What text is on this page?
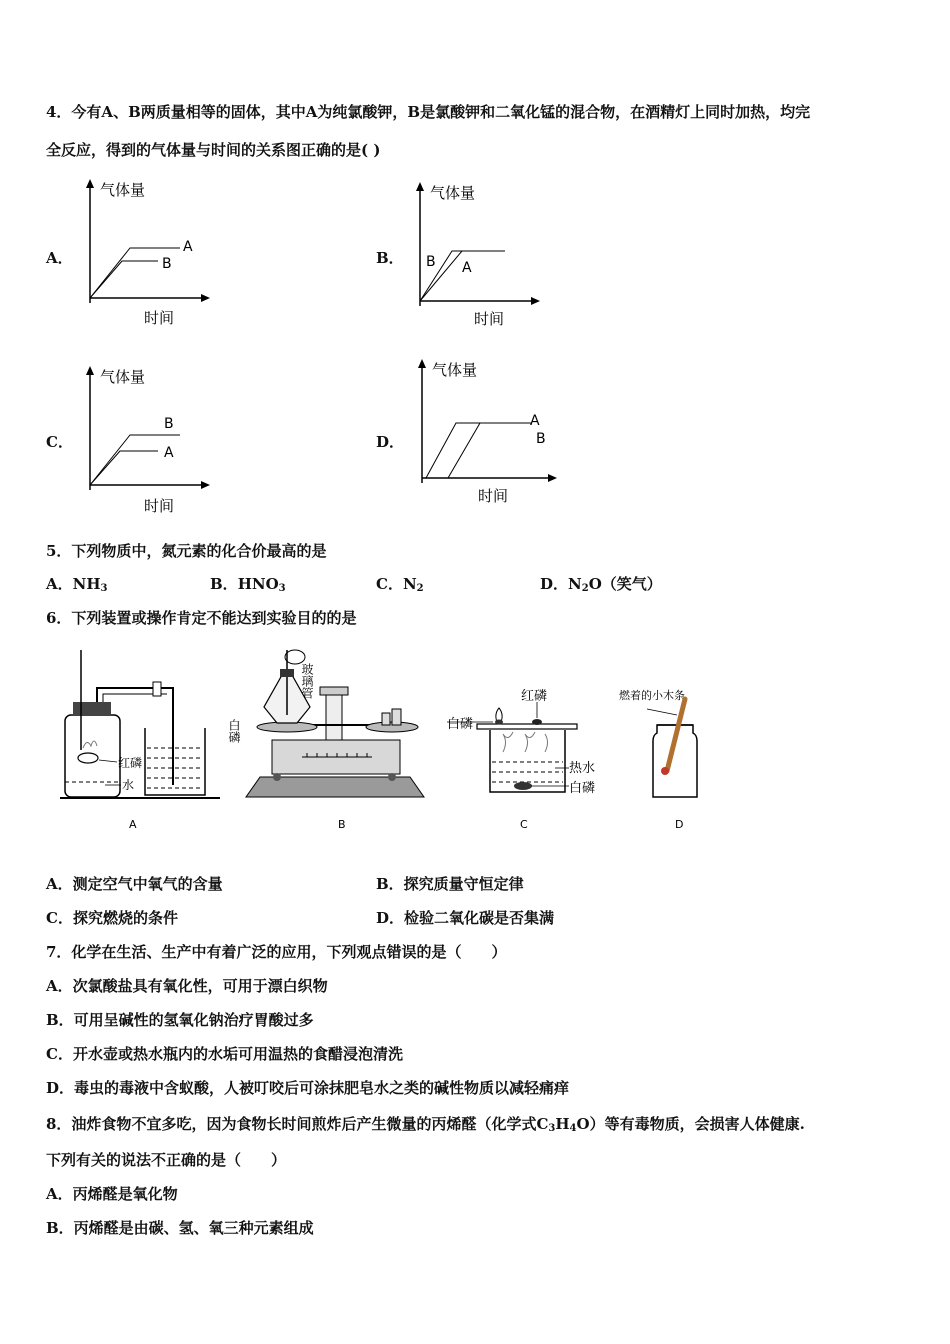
4．今有A、B两质量相等的固体，其中A为纯氯酸钾，B是氯酸钾和二氧化锰的混合物，在酒精灯上同时加热，均完
全反应，得到的气体量与时间的关系图正确的是( )
A．
气体量
时间
A
B	B．
气体量
时间
B A
C．
气体量
时间
B
A
D．
气体量
时间
A
B
5．下列物质中，氮元素的化合价最高的是
A．$NH_3$	B．$HNO_3$	C．$N_2$	D．$N_2O$（笑气）
6．下列装置或操作肯定不能达到实验目的的是
红磷
水
A
白磷
玻璃管
B
白磷
红磷
热水
白磷
C
燃着的小木条
D
A．测定空气中氧气的含量	B．探究质量守恒定律
C．探究燃烧的条件	D．检验二氧化碳是否集满
7．化学在生活、生产中有着广泛的应用，下列观点错误的是（　　）
A．次氯酸盐具有氧化性，可用于漂白织物
B．可用呈碱性的氢氧化钠治疗胃酸过多
C．开水壶或热水瓶内的水垢可用温热的食醋浸泡清洗
D．毒虫的毒液中含蚁酸，人被叮咬后可涂抹肥皂水之类的碱性物质以减轻痛痒
8．油炸食物不宜多吃，因为食物长时间煎炸后产生微量的丙烯醛（化学式$C_3H_4O$）等有毒物质，会损害人体健康.
下列有关的说法不正确的是（　　）
A．丙烯醛是氧化物
B．丙烯醛是由碳、氢、氧三种元素组成
